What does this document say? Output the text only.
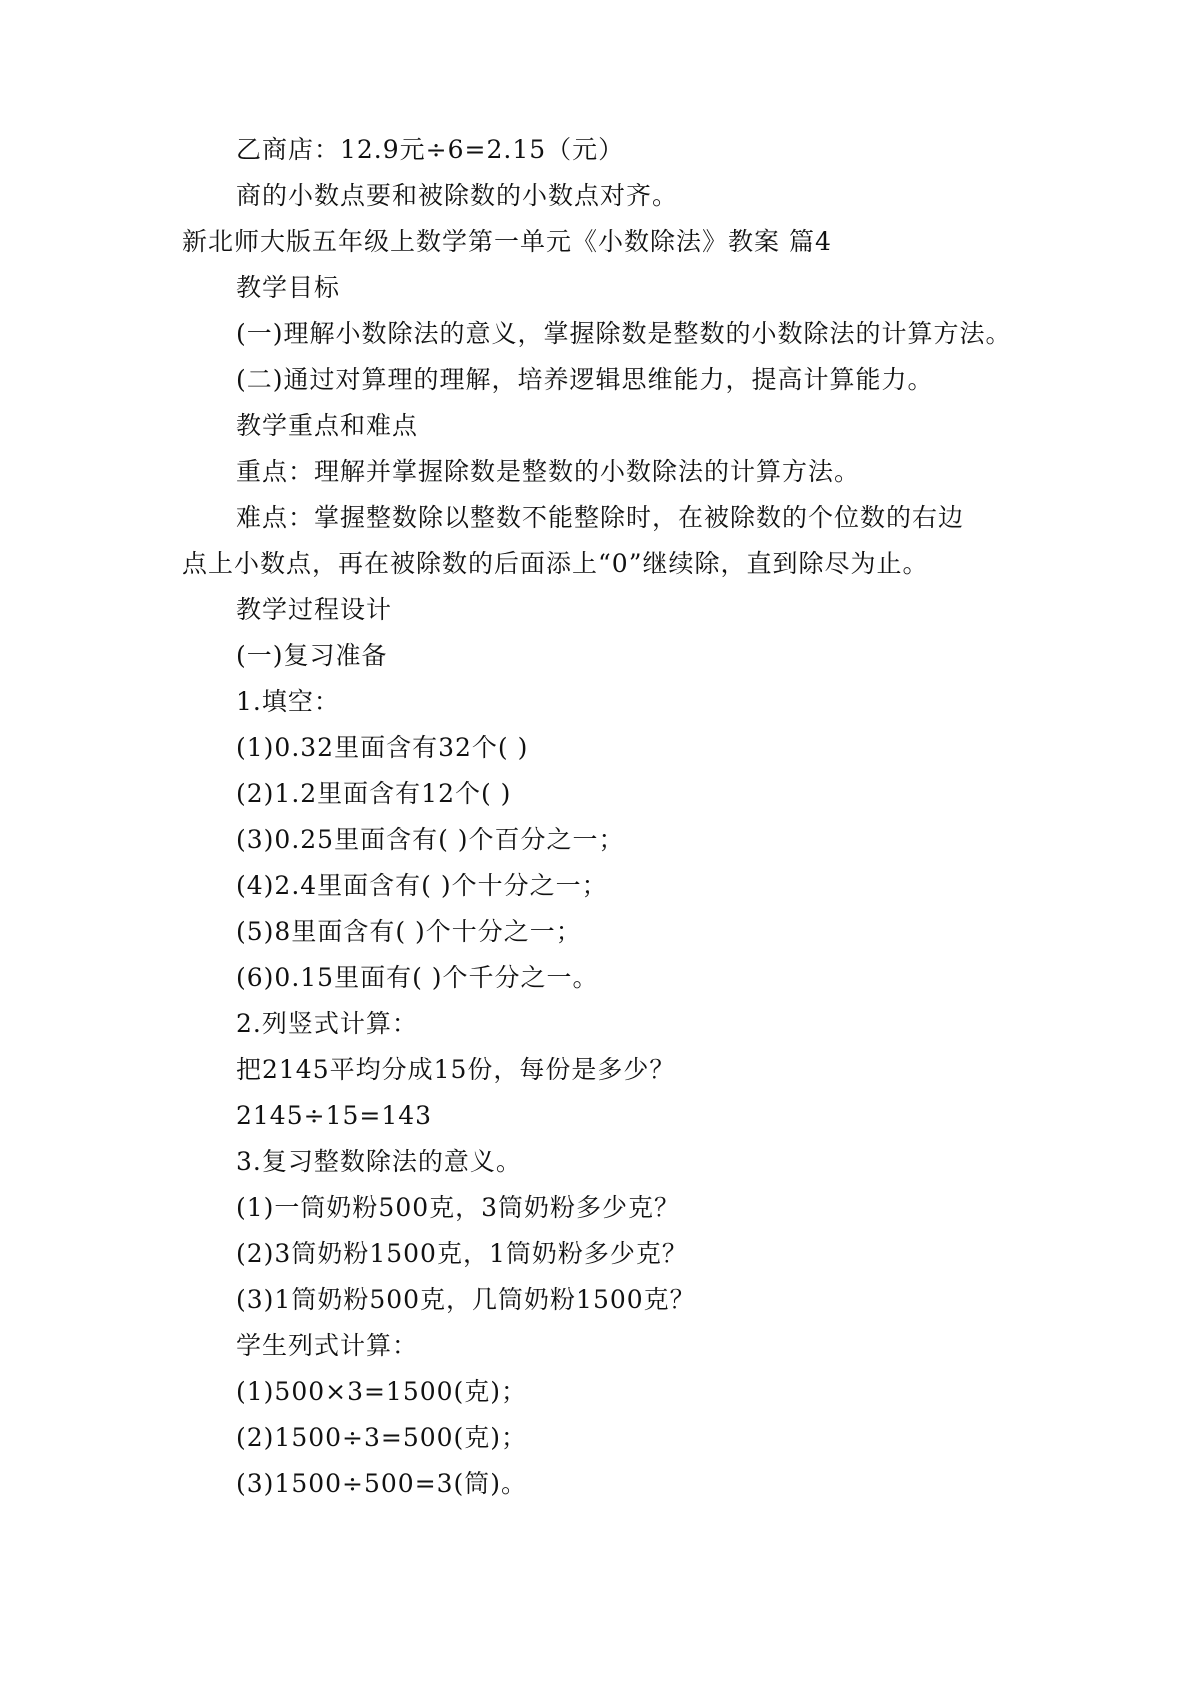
乙商店：12.9元÷6=2.15（元）
商的小数点要和被除数的小数点对齐。
新北师大版五年级上数学第一单元《小数除法》教案 篇4
教学目标
(一)理解小数除法的意义，掌握除数是整数的小数除法的计算方法。
(二)通过对算理的理解，培养逻辑思维能力，提高计算能力。
教学重点和难点
重点：理解并掌握除数是整数的小数除法的计算方法。
难点：掌握整数除以整数不能整除时，在被除数的个位数的右边
点上小数点，再在被除数的后面添上“0”继续除，直到除尽为止。
教学过程设计
(一)复习准备
1.填空：
(1)0.32里面含有32个( )
(2)1.2里面含有12个( )
(3)0.25里面含有( )个百分之一；
(4)2.4里面含有( )个十分之一；
(5)8里面含有( )个十分之一；
(6)0.15里面有( )个千分之一。
2.列竖式计算：
把2145平均分成15份，每份是多少？
2145÷15=143
3.复习整数除法的意义。
(1)一筒奶粉500克，3筒奶粉多少克？
(2)3筒奶粉1500克，1筒奶粉多少克？
(3)1筒奶粉500克，几筒奶粉1500克？
学生列式计算：
(1)500×3=1500(克)；
(2)1500÷3=500(克)；
(3)1500÷500=3(筒)。
